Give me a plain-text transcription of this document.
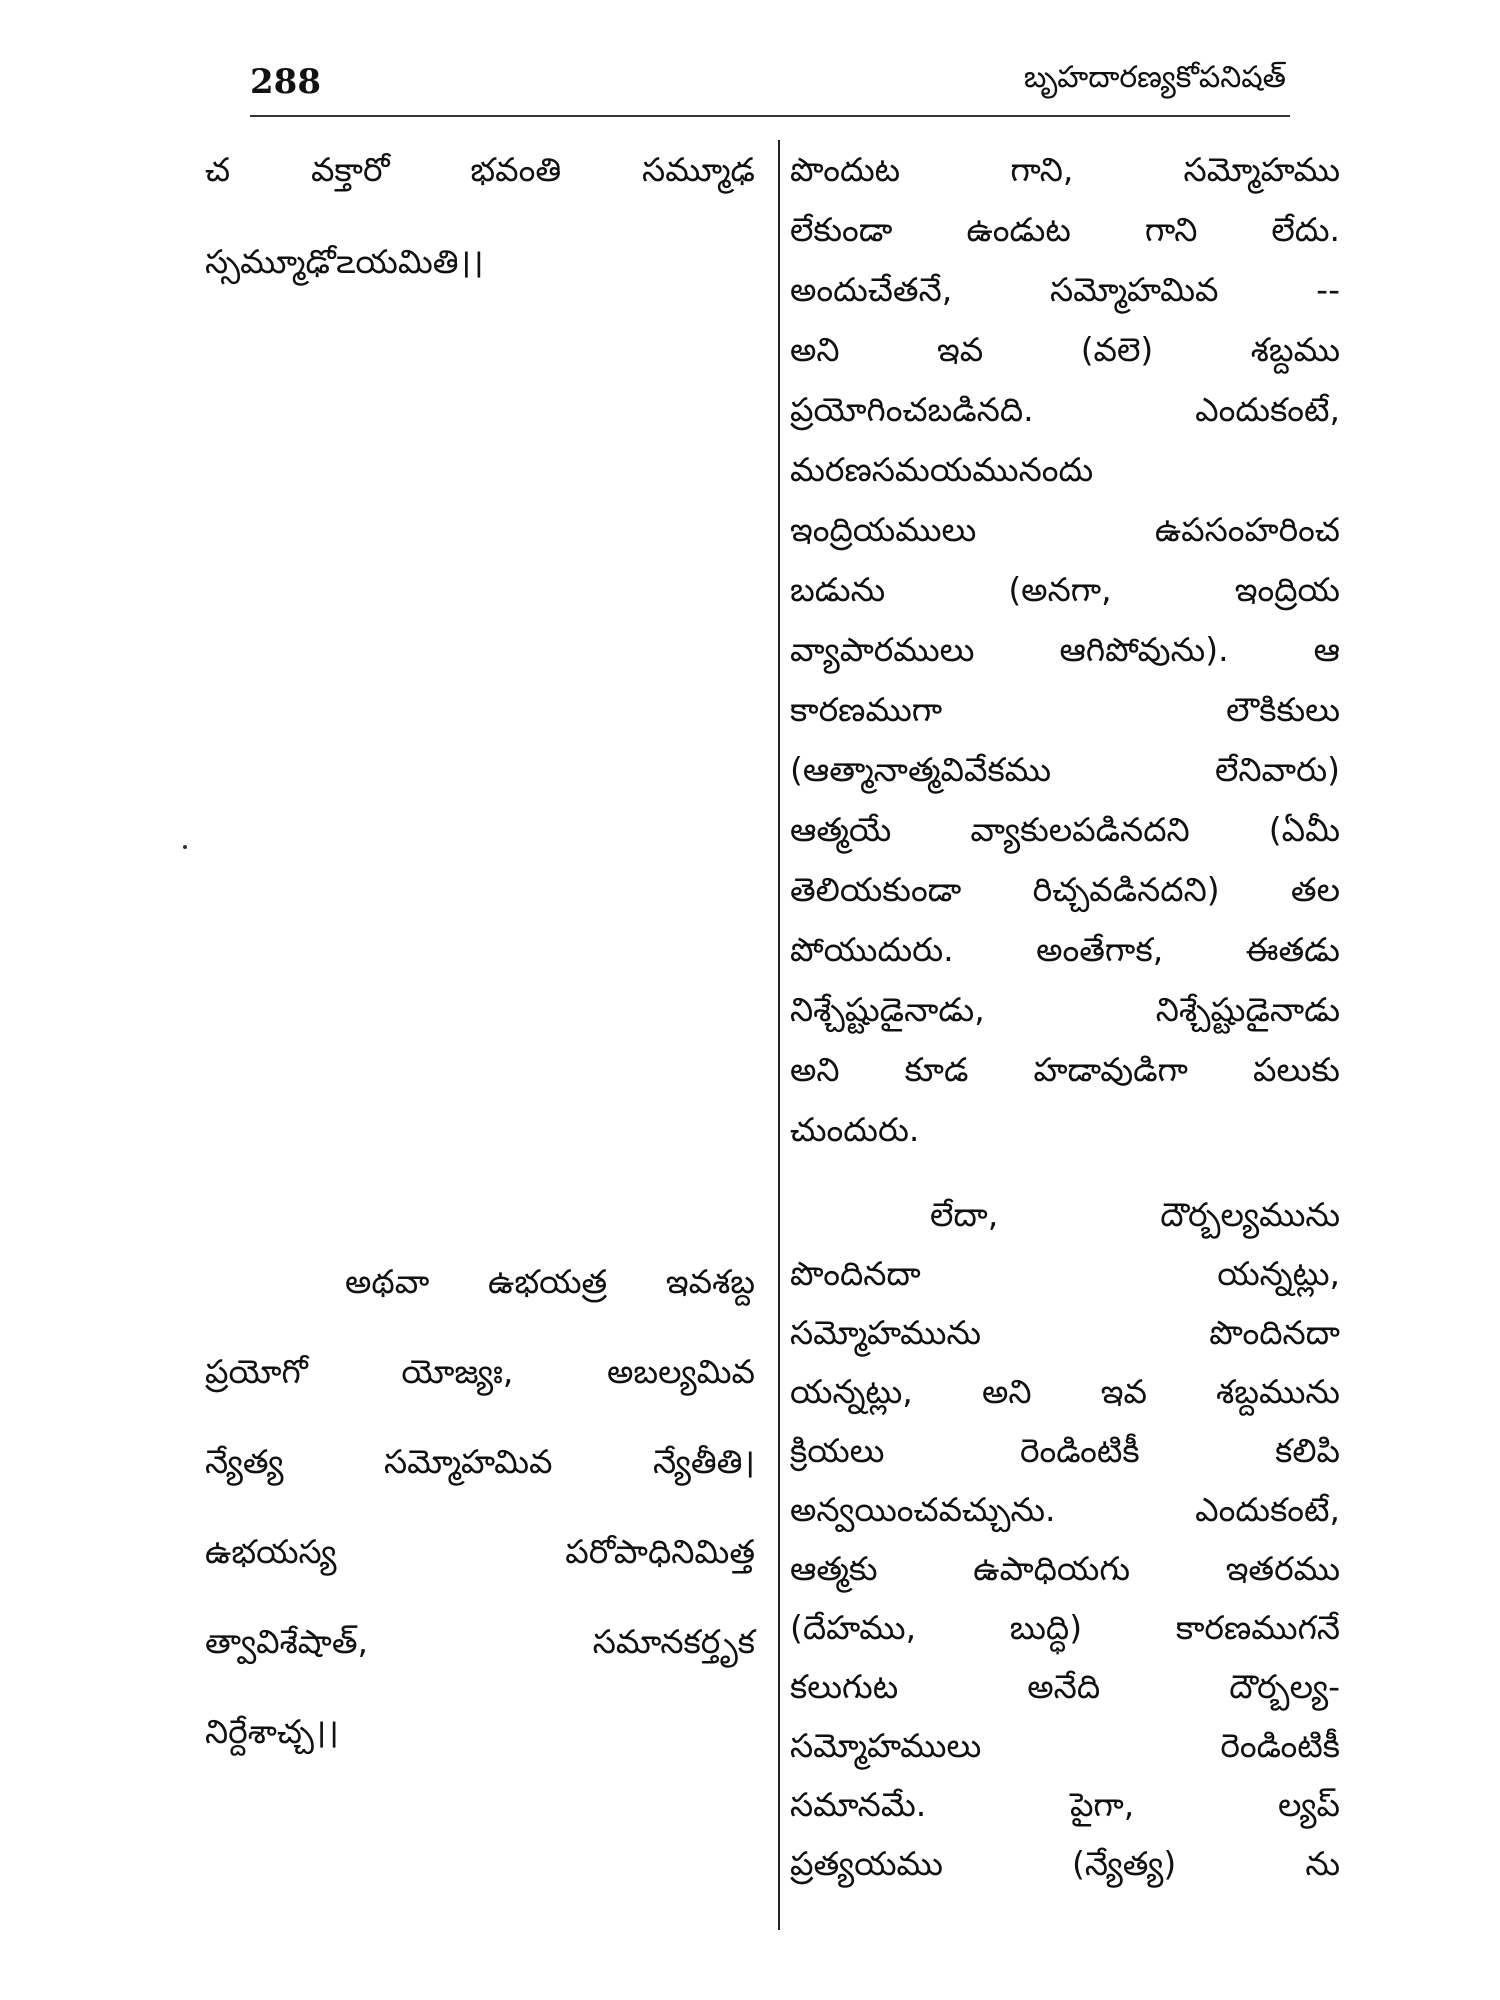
288	బృహదారణ్యకోపనిషత్
చ వక్తారో భవంతి సమ్మూఢ
స్సమ్మూఢో౽యమితి।।
అథవా ఉభయత్ర ఇవశబ్ద
ప్రయోగో	యోజ్యః,	అబల్యమివ
న్యేత్య	సమ్మోహమివ	న్యేతీతి।
ఉభయస్య	పరోపాధినిమిత్త
త్వావిశేషాత్,	సమానకర్తృక
నిర్దేశాచ్చ।।
పొందుట	గాని,	సమ్మోహము
లేకుండా ఉండుట గాని లేదు.
అందుచేతనే,	సమ్మోహమివ	--
అని	ఇవ	(వలె)	శబ్దము
ప్రయోగించబడినది.	ఎందుకంటే,
మరణసమయమునందు
ఇంద్రియములు	ఉపసంహరించ
బడును	(అనగా,	ఇంద్రియ
వ్యాపారములు	ఆగిపోవును).	ఆ
కారణముగా	లౌకికులు
(ఆత్మానాత్మవివేకము	లేనివారు)
ఆత్మయే వ్యాకులపడినదని (ఏమీ
తెలియకుండా రిచ్చవడినదని) తల
పోయుదురు. అంతేగాక, ఈతడు
నిశ్చేష్టుడైనాడు,	నిశ్చేష్టుడైనాడు
అని కూడ హడావుడిగా పలుకు
చుందురు.
లేదా,	దౌర్బల్యమును
పొందినదా	యన్నట్లు,
సమ్మోహమును	పొందినదా
యన్నట్లు, అని ఇవ శబ్దమును
క్రియలు	రెండింటికీ	కలిపి
అన్వయించవచ్చును.	ఎందుకంటే,
ఆత్మకు	ఉపాధియగు	ఇతరము
(దేహము,	బుద్ధి)	కారణముగనే
కలుగుట	అనేది	దౌర్బల్య-
సమ్మోహములు	రెండింటికీ
సమానమే.	పైగా,	ల్యప్
ప్రత్యయము	(న్యేత్య)	ను
